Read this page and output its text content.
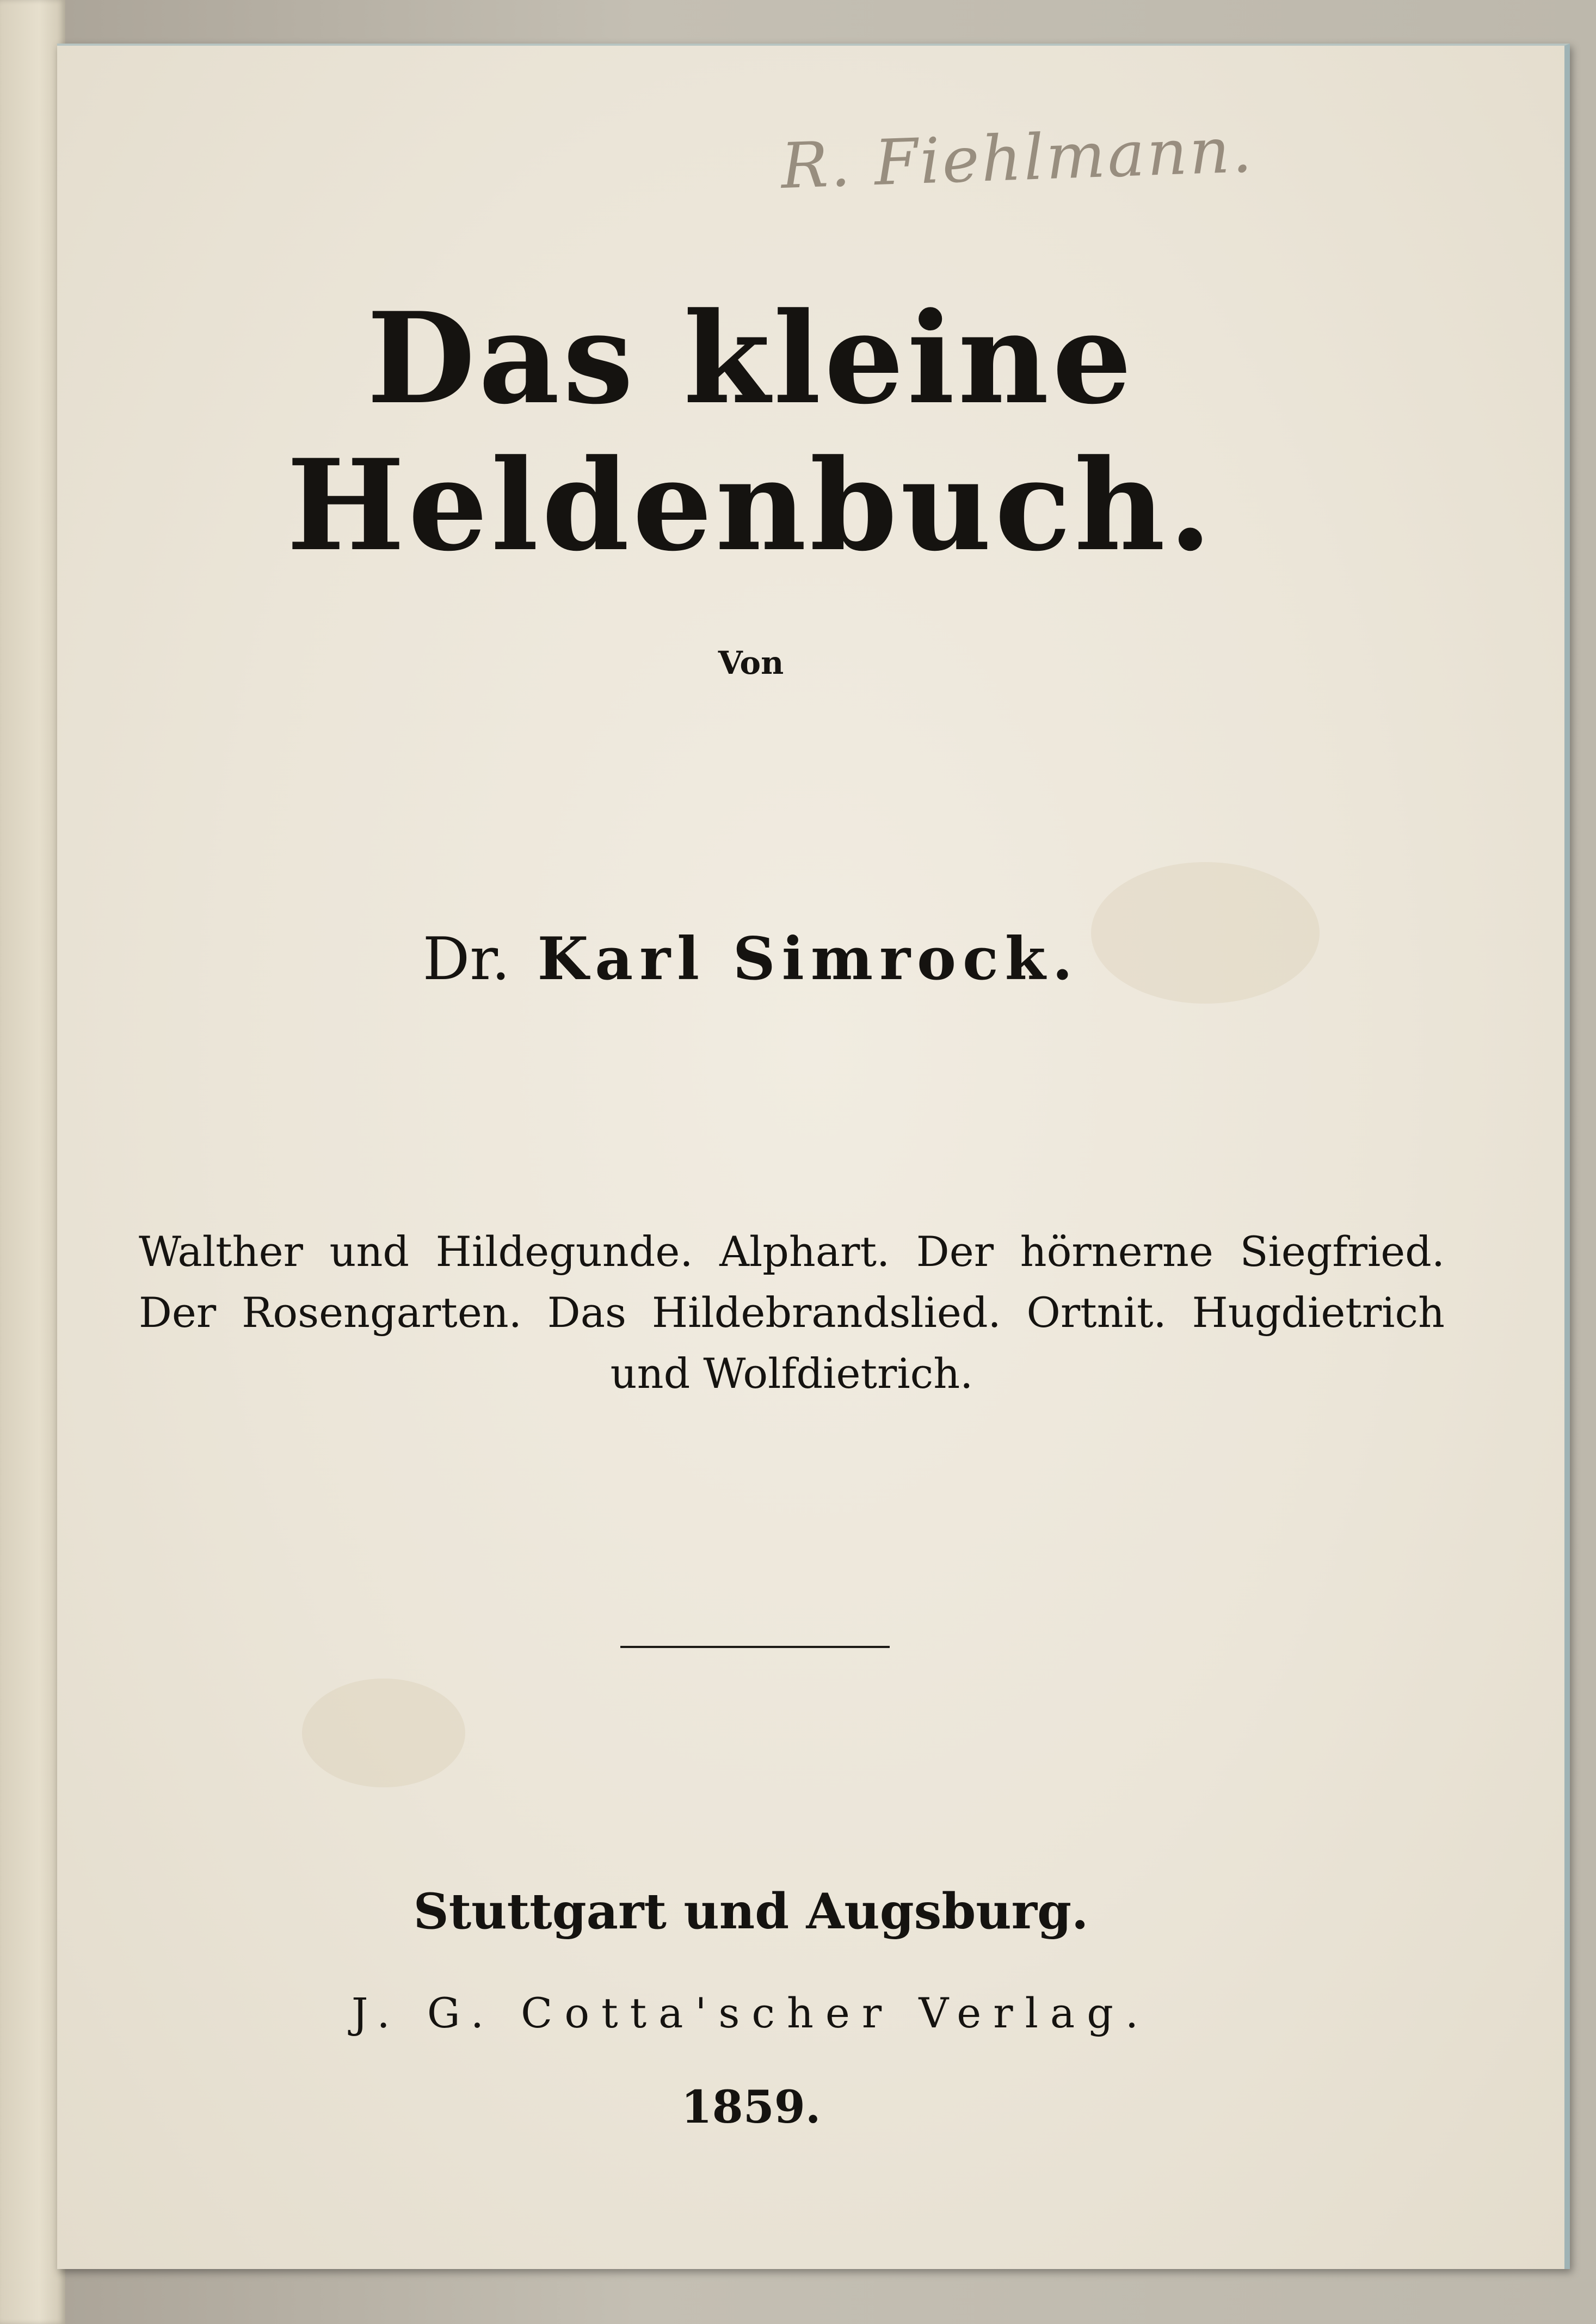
R. Fiehlmann.
Das kleine Heldenbuch.
Von
Dr. Karl Simrock.
Walther und Hildegunde. Alphart. Der hörnerne Siegfried.
Der Rosengarten. Das Hildebrandslied. Ortnit. Hugdietrich
und Wolfdietrich.
Stuttgart und Augsburg.
J. G. Cotta'scher Verlag.
1859.
